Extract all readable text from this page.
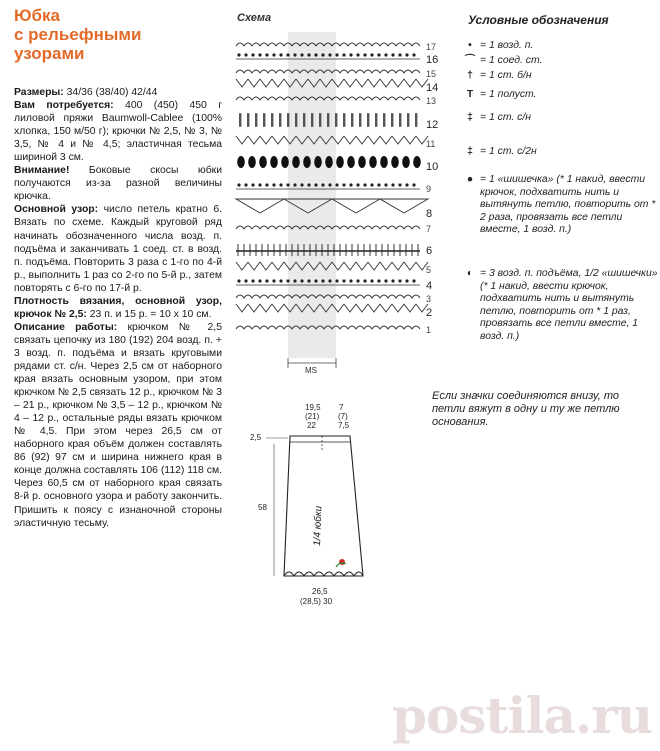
Юбка
с рельефными
узорами

Размеры: 34/36 (38/40) 42/44

Вам потребуется: 400 (450) 450 г лиловой пряжи Baumwoll-Cablee (100% хлопка, 150 м/50 г); крючки № 2,5, № 3, № 3,5, № 4 и № 4,5; эластичная тесьма шириной 3 см.

Внимание! Боковые скосы юбки получаются из-за разной величины крючка.

Основной узор: число петель кратно 6. Вязать по схеме. Каждый круговой ряд начинать обозначенного числа возд. п. подъёма и заканчивать 1 соед. ст. в возд. п. подъёма. Повторить 3 раза с 1-го по 4-й р., выполнить 1 раз со 2-го по 5-й р., затем повторять с 6-го по 17-й р.

Плотность вязания, основной узор, крючок № 2,5: 23 п. и 15 р. = 10 х 10 см.

Описание работы: крючком № 2,5 связать цепочку из 180 (192) 204 возд. п. + 3 возд. п. подъёма и вязать круговыми рядами ст. с/н. Через 2,5 см от наборного края вязать основным узором, при этом крючком № 2,5 связать 12 р., крючком № 3 – 21 р., крючком № 3,5 – 12 р., крючком № 4 – 12 р., остальные ряды вязать крючком № 4,5. При этом через 26,5 см от наборного края объём должен составлять 86 (92) 97 см и ширина нижнего края в конце должна составлять 106 (112) 118 см. Через 60,5 см от наборного края связать 8-й р. основного узора и работу закончить. Пришить к поясу с изнаночной стороны эластичную тесьму.

Схема
17
16
15
14
13
12
11
10
9
8
7
6
5
4
3
2
1
MS
Условные обозначения
• = 1 возд. п.
⌒ = 1 соед. ст.
† = 1 ст. б/н
T = 1 полуст.
‡ = 1 ст. с/н
‡ = 1 ст. с/2н
● = 1 «шишечка» (* 1 накид, ввести крючок, подхватить нить и вытянуть петлю, повторить от * 2 раза, провязать все петли вместе, 1 возд. п.)
◐ = 3 возд. п. подъёма, 1/2 «шишечки» (* 1 накид, ввести крючок, подхватить нить и вытянуть петлю, повторить от * 1 раз, провязать все петли вместе, 1 возд. п.)
Если значки соединяются внизу, то петли вяжут в одну и ту же петлю основания.
19,5
(21)
22
7
(7)
7,5
2,5
58	1/4 юбки
26,5
(28,5) 30
postila.ru
